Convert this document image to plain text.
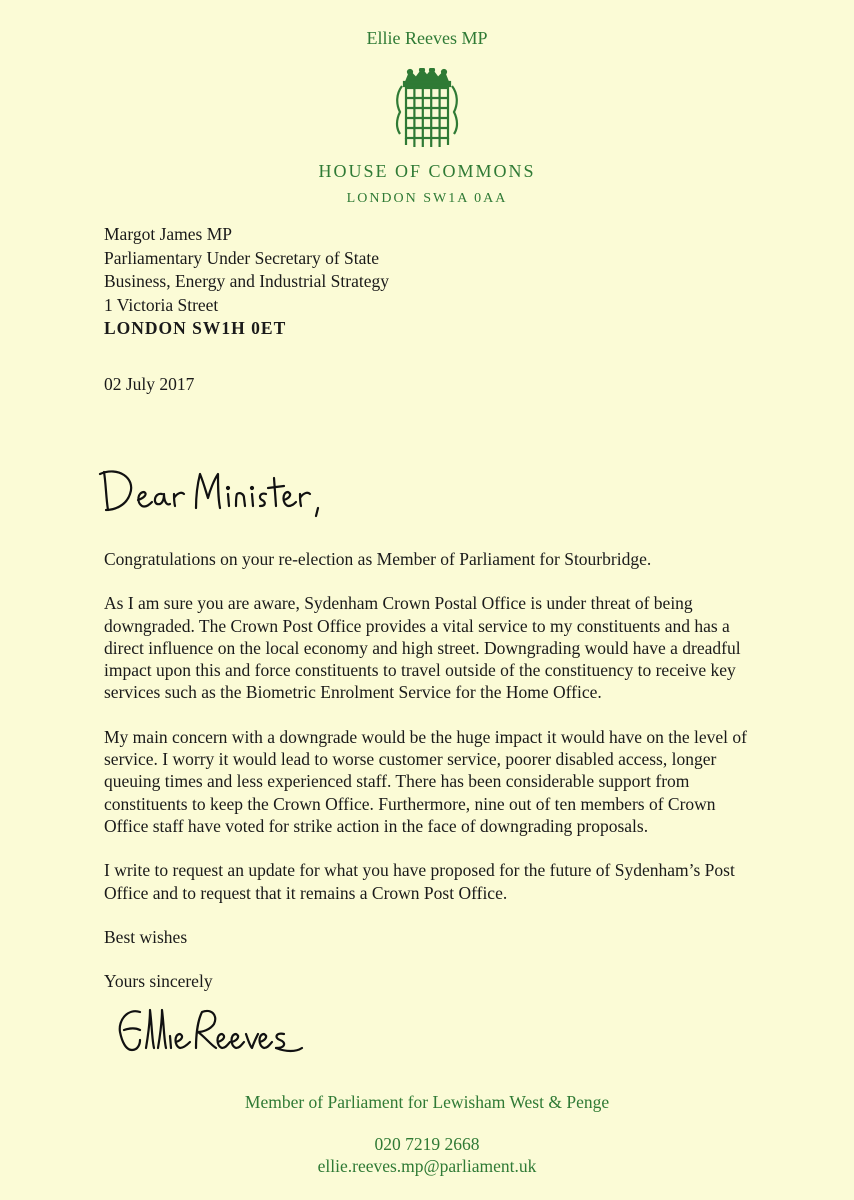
Ellie Reeves MP
HOUSE OF COMMONS
LONDON SW1A 0AA
Margot James MP
Parliamentary Under Secretary of State
Business, Energy and Industrial Strategy
1 Victoria Street
LONDON SW1H 0ET
02 July 2017

Congratulations on your re-election as Member of Parliament for Stourbridge.

As I am sure you are aware, Sydenham Crown Postal Office is under threat of being downgraded. The Crown Post Office provides a vital service to my constituents and has a direct influence on the local economy and high street. Downgrading would have a dreadful impact upon this and force constituents to travel outside of the constituency to receive key services such as the Biometric Enrolment Service for the Home Office.

My main concern with a downgrade would be the huge impact it would have on the level of service. I worry it would lead to worse customer service, poorer disabled access, longer queuing times and less experienced staff. There has been considerable support from constituents to keep the Crown Office. Furthermore, nine out of ten members of Crown Office staff have voted for strike action in the face of downgrading proposals.

I write to request an update for what you have proposed for the future of Sydenham’s Post Office and to request that it remains a Crown Post Office.

Best wishes

Yours sincerely

Member of Parliament for Lewisham West & Penge
020 7219 2668
ellie.reeves.mp@parliament.uk
